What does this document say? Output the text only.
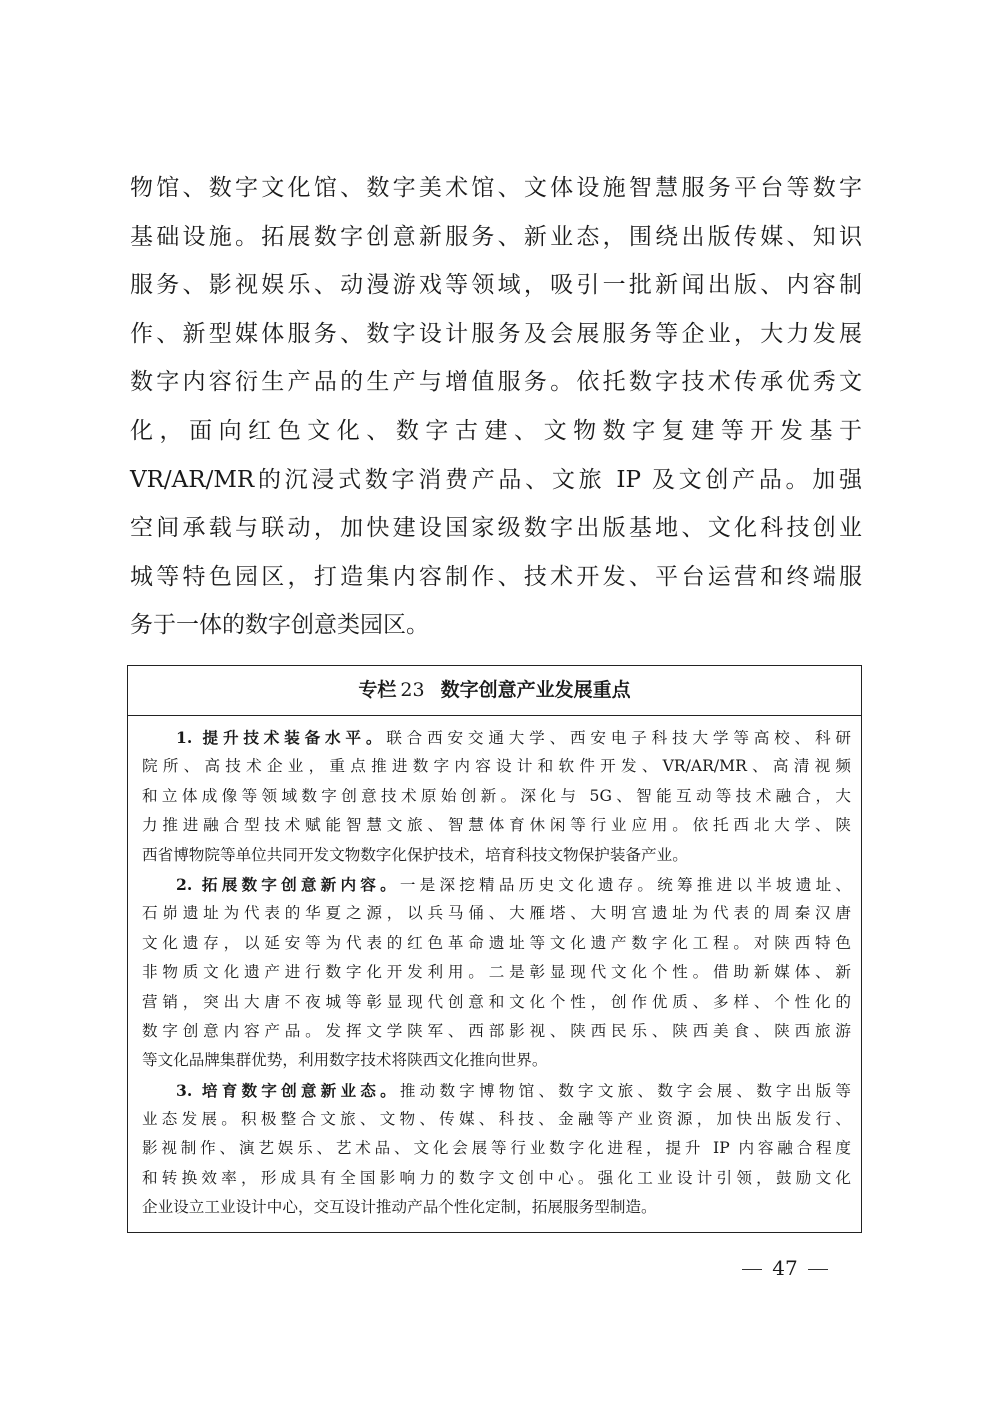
物馆、数字文化馆、数字美术馆、文体设施智慧服务平台等数字
基础设施。拓展数字创意新服务、新业态，围绕出版传媒、知识
服务、影视娱乐、动漫游戏等领域，吸引一批新闻出版、内容制
作、新型媒体服务、数字设计服务及会展服务等企业，大力发展
数字内容衍生产品的生产与增值服务。依托数字技术传承优秀文
化，面向红色文化、数字古建、文物数字复建等开发基于
VR/AR/MR的沉浸式数字消费产品、文旅 IP 及文创产品。加强
空间承载与联动，加快建设国家级数字出版基地、文化科技创业
城等特色园区，打造集内容制作、技术开发、平台运营和终端服
务于一体的数字创意类园区。
专栏 23 数字创意产业发展重点
1. 提升技术装备水平。联合西安交通大学、西安电子科技大学等高校、科研
院所、高技术企业，重点推进数字内容设计和软件开发、VR/AR/MR、高清视频
和立体成像等领域数字创意技术原始创新。深化与 5G、智能互动等技术融合，大
力推进融合型技术赋能智慧文旅、智慧体育休闲等行业应用。依托西北大学、陕
西省博物院等单位共同开发文物数字化保护技术，培育科技文物保护装备产业。
2. 拓展数字创意新内容。一是深挖精品历史文化遗存。统筹推进以半坡遗址、
石峁遗址为代表的华夏之源，以兵马俑、大雁塔、大明宫遗址为代表的周秦汉唐
文化遗存，以延安等为代表的红色革命遗址等文化遗产数字化工程。对陕西特色
非物质文化遗产进行数字化开发利用。二是彰显现代文化个性。借助新媒体、新
营销，突出大唐不夜城等彰显现代创意和文化个性，创作优质、多样、个性化的
数字创意内容产品。发挥文学陕军、西部影视、陕西民乐、陕西美食、陕西旅游
等文化品牌集群优势，利用数字技术将陕西文化推向世界。
3. 培育数字创意新业态。推动数字博物馆、数字文旅、数字会展、数字出版等
业态发展。积极整合文旅、文物、传媒、科技、金融等产业资源，加快出版发行、
影视制作、演艺娱乐、艺术品、文化会展等行业数字化进程，提升 IP 内容融合程度
和转换效率，形成具有全国影响力的数字文创中心。强化工业设计引领，鼓励文化
企业设立工业设计中心，交互设计推动产品个性化定制，拓展服务型制造。
47
